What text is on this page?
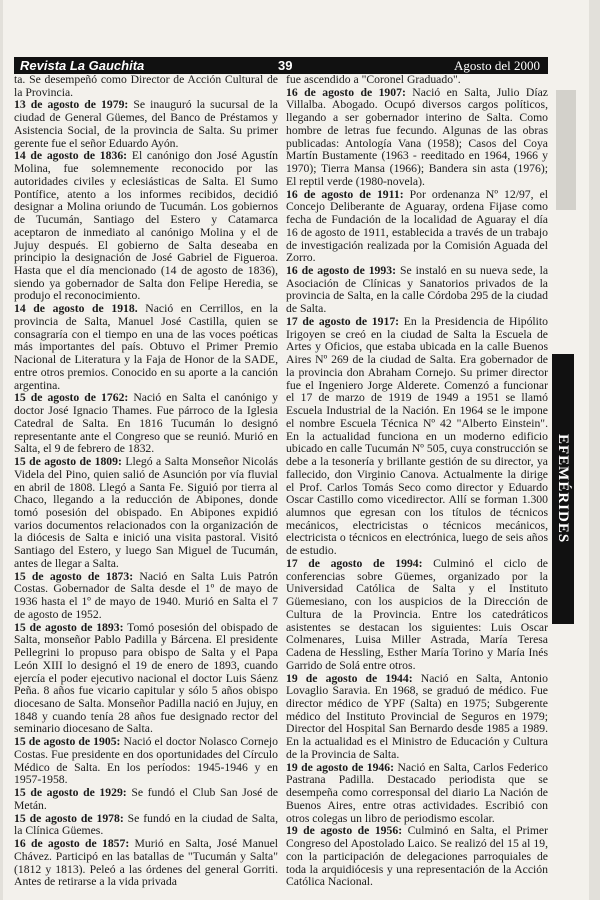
Revista La Gauchita	39	Agosto del 2000

ta. Se desempeñó como Director de Acción Cultural de la Provincia.

13 de agosto de 1979: Se inauguró la sucursal de la ciudad de General Güemes, del Banco de Préstamos y Asistencia Social, de la provincia de Salta. Su primer gerente fue el señor Eduardo Ayón.

14 de agosto de 1836: El canónigo don José Agustín Molina, fue solemnemente reconocido por las autoridades civiles y eclesiásticas de Salta. El Sumo Pontífice, atento a los informes recibidos, decidió designar a Molina oriundo de Tucumán. Los gobiernos de Tucumán, Santiago del Estero y Catamarca aceptaron de inmediato al canónigo Molina y el de Jujuy después. El gobierno de Salta deseaba en principio la designación de José Gabriel de Figueroa. Hasta que el día mencionado (14 de agosto de 1836), siendo ya gobernador de Salta don Felipe Heredia, se produjo el reconocimiento.

14 de agosto de 1918. Nació en Cerrillos, en la provincia de Salta, Manuel José Castilla, quien se consagraría con el tiempo en una de las voces poéticas más importantes del país. Obtuvo el Primer Premio Nacional de Literatura y la Faja de Honor de la SADE, entre otros premios. Conocido en su aporte a la canción argentina.

15 de agosto de 1762: Nació en Salta el canónigo y doctor José Ignacio Thames. Fue párroco de la Iglesia Catedral de Salta. En 1816 Tucumán lo designó representante ante el Congreso que se reunió. Murió en Salta, el 9 de febrero de 1832.

15 de agosto de 1809: Llegó a Salta Monseñor Nicolás Videla del Pino, quien salió de Asunción por vía fluvial en abril de 1808. Llegó a Santa Fe. Siguió por tierra al Chaco, llegando a la reducción de Abipones, donde tomó posesión del obispado. En Abipones expidió varios documentos relacionados con la organización de la diócesis de Salta e inició una visita pastoral. Visitó Santiago del Estero, y luego San Miguel de Tucumán, antes de llegar a Salta.

15 de agosto de 1873: Nació en Salta Luis Patrón Costas. Gobernador de Salta desde el 1º de mayo de 1936 hasta el 1º de mayo de 1940. Murió en Salta el 7 de agosto de 1952.

15 de agosto de 1893: Tomó posesión del obispado de Salta, monseñor Pablo Padilla y Bárcena. El presidente Pellegrini lo propuso para obispo de Salta y el Papa León XIII lo designó el 19 de enero de 1893, cuando ejercía el poder ejecutivo nacional el doctor Luis Sáenz Peña. 8 años fue vicario capitular y sólo 5 años obispo diocesano de Salta. Monseñor Padilla nació en Jujuy, en 1848 y cuando tenía 28 años fue designado rector del seminario diocesano de Salta.

15 de agosto de 1905: Nació el doctor Nolasco Cornejo Costas. Fue presidente en dos oportunidades del Círculo Médico de Salta. En los períodos: 1945-1946 y en 1957-1958.

15 de agosto de 1929: Se fundó el Club San José de Metán.

15 de agosto de 1978: Se fundó en la ciudad de Salta, la Clínica Güemes.

16 de agosto de 1857: Murió en Salta, José Manuel Chávez. Participó en las batallas de "Tucumán y Salta" (1812 y 1813). Peleó a las órdenes del general Gorriti. Antes de retirarse a la vida privada

fue ascendido a "Coronel Graduado".

16 de agosto de 1907: Nació en Salta, Julio Díaz Villalba. Abogado. Ocupó diversos cargos políticos, llegando a ser gobernador interino de Salta. Como hombre de letras fue fecundo. Algunas de las obras publicadas: Antología Vana (1958); Casos del Coya Martín Bustamente (1963 - reeditado en 1964, 1966 y 1970); Tierra Mansa (1966); Bandera sin asta (1976); El reptil verde (1980-novela).

16 de agosto de 1911: Por ordenanza Nº 12/97, el Concejo Deliberante de Aguaray, ordena Fijase como fecha de Fundación de la localidad de Aguaray el día 16 de agosto de 1911, establecida a través de un trabajo de investigación realizada por la Comisión Aguada del Zorro.

16 de agosto de 1993: Se instaló en su nueva sede, la Asociación de Clínicas y Sanatorios privados de la provincia de Salta, en la calle Córdoba 295 de la ciudad de Salta.

17 de agosto de 1917: En la Presidencia de Hipólito Irigoyen se creó en la ciudad de Salta la Escuela de Artes y Oficios, que estaba ubicada en la calle Buenos Aires Nº 269 de la ciudad de Salta. Era gobernador de la provincia don Abraham Cornejo. Su primer director fue el Ingeniero Jorge Alderete. Comenzó a funcionar el 17 de marzo de 1919 de 1949 a 1951 se llamó Escuela Industrial de la Nación. En 1964 se le impone el nombre Escuela Técnica Nº 42 "Alberto Einstein". En la actualidad funciona en un moderno edificio ubicado en calle Tucumán Nº 505, cuya construcción se debe a la tesonería y brillante gestión de su director, ya fallecido, don Virginio Canova. Actualmente la dirige el Prof. Carlos Tomás Seco como director y Eduardo Oscar Castillo como vicedirector. Allí se forman 1.300 alumnos que egresan con los títulos de técnicos mecánicos, electricistas o técnicos mecánicos, electricista o técnicos en electrónica, luego de seis años de estudio.

17 de agosto de 1994: Culminó el ciclo de conferencias sobre Güemes, organizado por la Universidad Católica de Salta y el Instituto Güemesiano, con los auspicios de la Dirección de Cultura de la Provincia. Entre los catedráticos asistentes se destacan los siguientes: Luis Oscar Colmenares, Luisa Miller Astrada, María Teresa Cadena de Hessling, Esther María Torino y María Inés Garrido de Solá entre otros.

19 de agosto de 1944: Nació en Salta, Antonio Lovaglio Saravia. En 1968, se graduó de médico. Fue director médico de YPF (Salta) en 1975; Subgerente médico del Instituto Provincial de Seguros en 1979; Director del Hospital San Bernardo desde 1985 a 1989. En la actualidad es el Ministro de Educación y Cultura de la Provincia de Salta.

19 de agosto de 1946: Nació en Salta, Carlos Federico Pastrana Padilla. Destacado periodista que se desempeña como corresponsal del diario La Nación de Buenos Aires, entre otras actividades. Escribió con otros colegas un libro de periodismo escolar.

19 de agosto de 1956: Culminó en Salta, el Primer Congreso del Apostolado Laico. Se realizó del 15 al 19, con la participación de delegaciones parroquiales de toda la arquidiócesis y una representación de la Acción Católica Nacional.

EFEMÉRIDES
